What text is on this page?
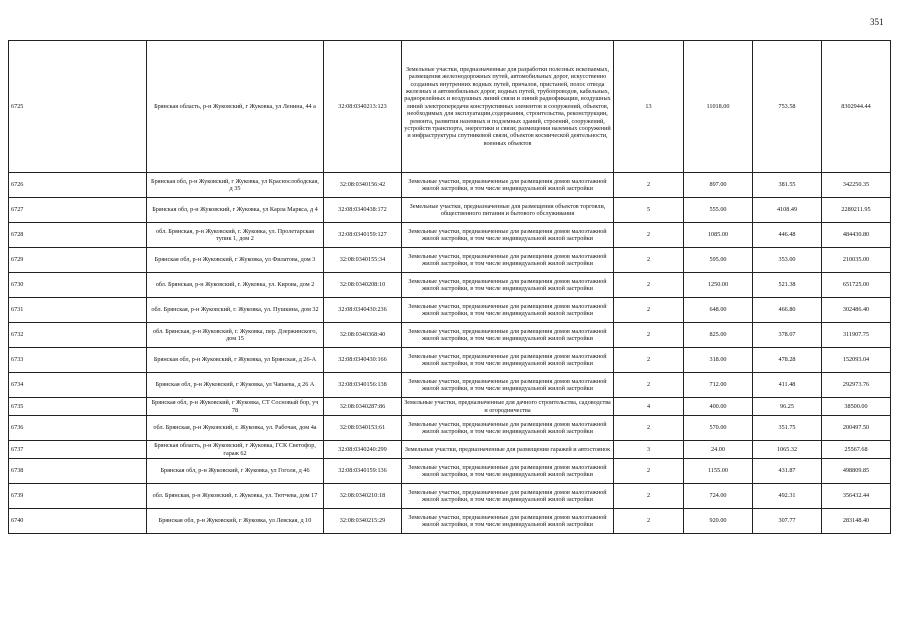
351
6725	Брянская область, р-н Жуковский, г Жуковка, ул Ленина, 44 а	32:08:0340213:123	Земельные участки, предназначенные для разработки полезных ископаемых, размещения железнодорожных путей, автомобильных дорог, искусственно созданных внутренних водных путей, причалов, пристаней, полос отвода железных и автомобильных дорог, водных путей, трубопроводов, кабельных, радиорелейных и воздушных линий связи и линий радиофикации, воздушных линий электропередачи конструктивных элементов и сооружений, объектов, необходимых для эксплуатации,содержания, строительства, реконструкции, ремонта, развития наземных и подземных зданий, строений, сооружений, устройств транспорта, энергетики и связи; размещения наземных сооружений и инфраструктуры спутниковой связи, объектов космической деятельности, военных объектов	13	11018.00	753.58	8302944.44
6726	Брянская обл, р-н Жуковский, г Жуковка, ул Краснослободская, д 35	32:08:0340156:42	Земельные участки, предназначенные для размещения домов малоэтажной жилой застройки, в том числе индивидуальной жилой застройки	2	897.00	381.55	342250.35
6727	Брянская обл, р-н Жуковский, г Жуковка, ул Карла Маркса, д 4	32:08:0340438:172	Земельные участки, предназначенные для размещения объектов торговли, общественного питания и бытового обслуживания	5	555.00	4108.49	2280211.95
6728	обл. Брянская, р-н Жуковский, г. Жуковка, ул. Пролетарская тупик 1, дом 2	32:08:0340159:127	Земельные участки, предназначенные для размещения домов малоэтажной жилой застройки, в том числе индивидуальной жилой застройки	2	1085.00	446.48	484430.80
6729	Брянская обл, р-н Жуковский, г Жуковка, ул Филатова, дом 3	32:08:0340155:34	Земельные участки, предназначенные для размещения домов малоэтажной жилой застройки, в том числе индивидуальной жилой застройки	2	595.00	353.00	210035.00
6730	обл. Брянская, р-н Жуковский, г. Жуковка, ул. Кирова, дом 2	32:08:0340208:10	Земельные участки, предназначенные для размещения домов малоэтажной жилой застройки, в том числе индивидуальной жилой застройки	2	1250.00	521.38	651725.00
6731	обл. Брянская, р-н Жуковский, г. Жуковка, ул. Пушкина, дом 32	32:08:0340430:236	Земельные участки, предназначенные для размещения домов малоэтажной жилой застройки, в том числе индивидуальной жилой застройки	2	648.00	466.80	302486.40
6732	обл. Брянская, р-н Жуковский, г. Жуковка, пер. Дзержинского, дом 15	32:08:0340368:40	Земельные участки, предназначенные для размещения домов малоэтажной жилой застройки, в том числе индивидуальной жилой застройки	2	825.00	378.07	311907.75
6733	Брянская обл, р-н Жуковский, г Жуковка, ул Брянская, д 26-А	32:08:0340430:166	Земельные участки, предназначенные для размещения домов малоэтажной жилой застройки, в том числе индивидуальной жилой застройки	2	318.00	478.28	152093.04
6734	Брянская обл, р-н Жуковский, г Жуковка, ул Чапаева, д 26 А	32:08:0340156:138	Земельные участки, предназначенные для размещения домов малоэтажной жилой застройки, в том числе индивидуальной жилой застройки	2	712.00	411.48	292973.76
6735	Брянская обл, р-н Жуковский, г Жуковка, СТ Сосновый бор, уч 78	32:08:0340287:86	Земельные участки, предназначенные для дачного строительства, садоводства и огородничества	4	400.00	96.25	38500.00
6736	обл. Брянская, р-н Жуковский, г. Жуковка, ул. Рабочая, дом 4а	32:08:0340153:61	Земельные участки, предназначенные для размещения домов малоэтажной жилой застройки, в том числе индивидуальной жилой застройки	2	570.00	351.75	200497.50
6737	Брянская область, р-н Жуковский, г Жуковка, ГСК Светофор, гараж 62	32:08:0340240:299	Земельные участки, предназначенные для размещения гаражей и автостоянок	3	24.00	1065.32	25567.68
6738	Брянская обл, р-н Жуковский, г Жуковка, ул Гоголя, д 46	32:08:0340159:136	Земельные участки, предназначенные для размещения домов малоэтажной жилой застройки, в том числе индивидуальной жилой застройки	2	1155.00	431.87	498809.85
6739	обл. Брянская, р-н Жуковский, г. Жуковка, ул. Тютчева, дом 17	32:08:0340210:18	Земельные участки, предназначенные для размещения домов малоэтажной жилой застройки, в том числе индивидуальной жилой застройки	2	724.00	492.31	356432.44
6740	Брянская обл, р-н Жуковский, г Жуковка, ул Левская, д 10	32:08:0340215:29	Земельные участки, предназначенные для размещения домов малоэтажной жилой застройки, в том числе индивидуальной жилой застройки	2	920.00	307.77	283148.40
